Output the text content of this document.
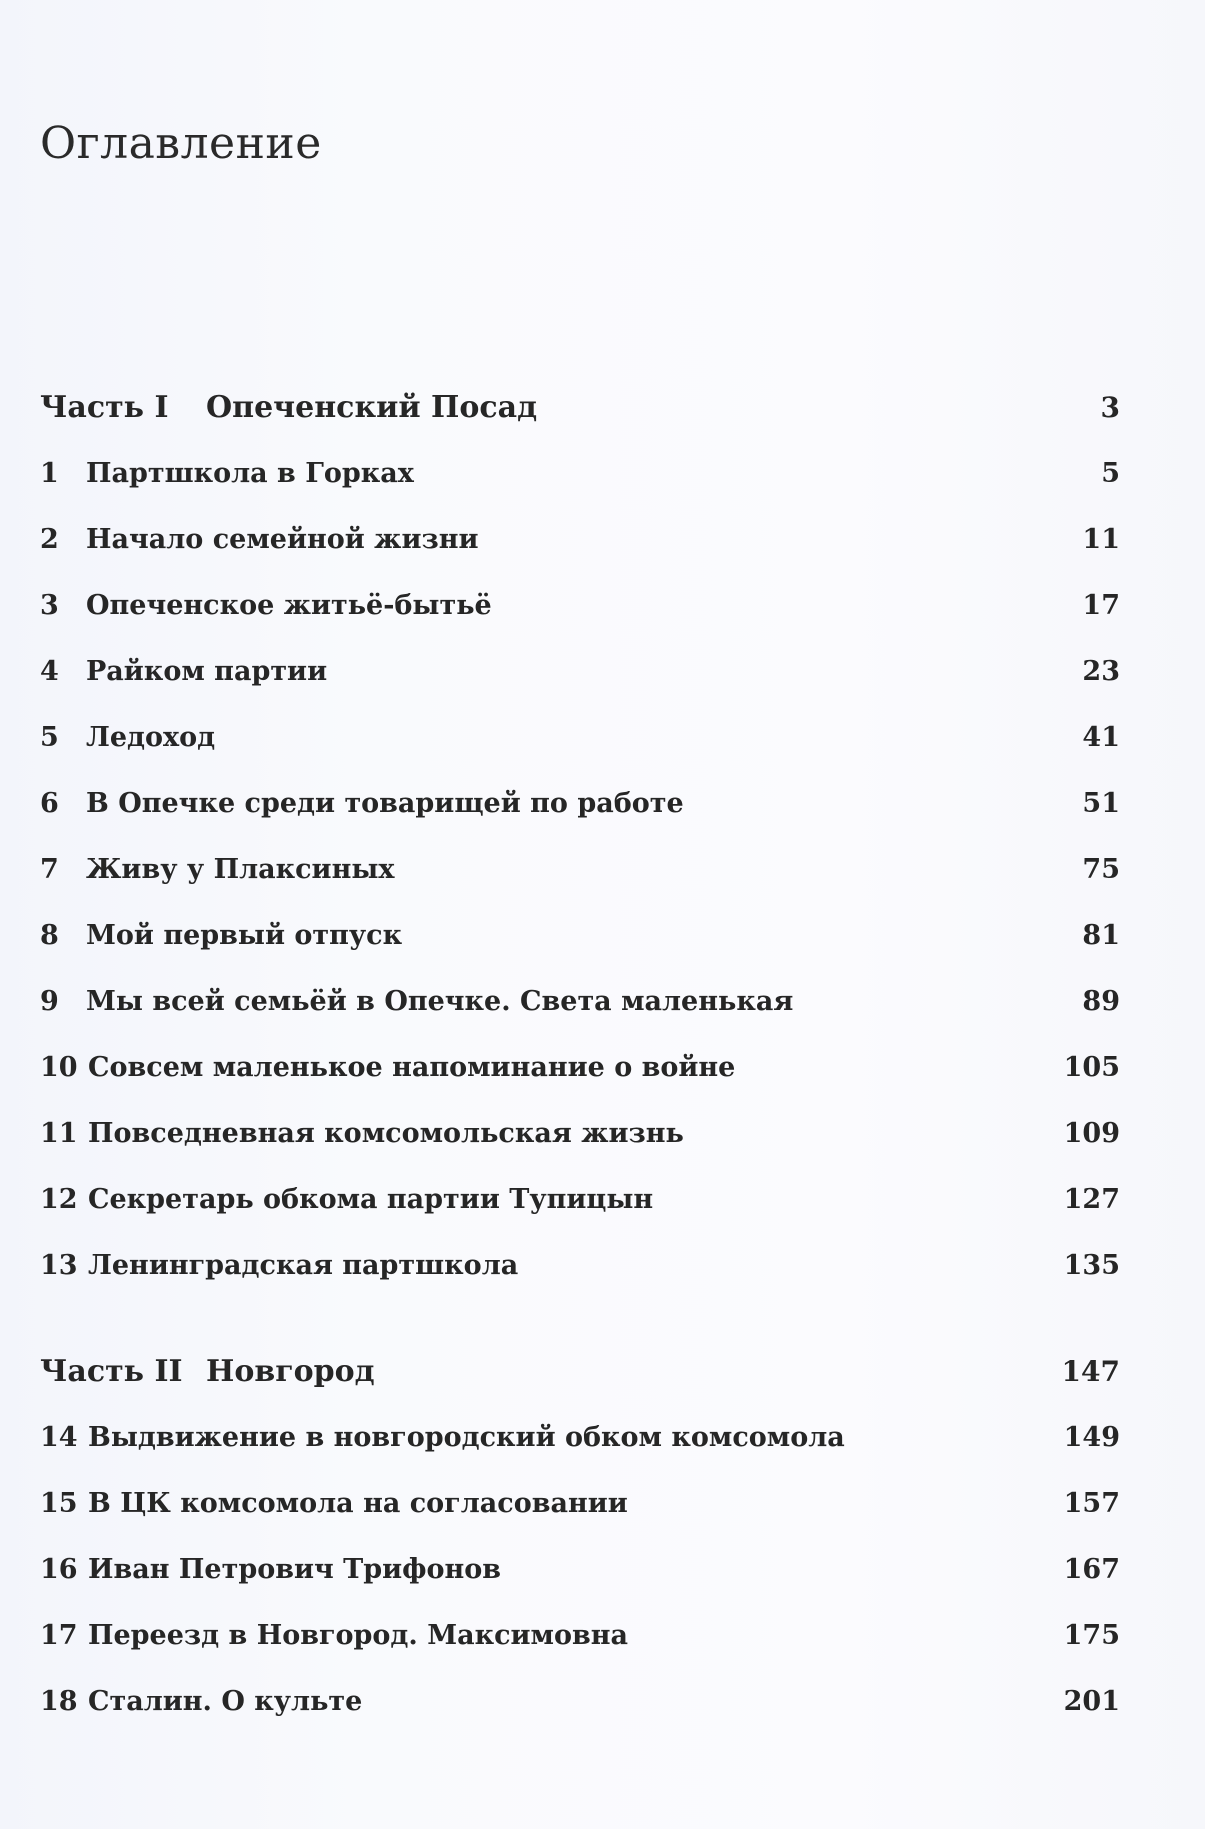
Оглавление
Часть I Опеченский Посад	3
1 Партшкола в Горках	5
2 Начало семейной жизни	11
3 Опеченское житьё-бытьё	17
4 Райком партии	23
5 Ледоход	41
6 В Опечке среди товарищей по работе	51
7 Живу у Плаксиных	75
8 Мой первый отпуск	81
9 Мы всей семьёй в Опечке. Света маленькая	89
10 Совсем маленькое напоминание о войне	105
11 Повседневная комсомольская жизнь	109
12 Секретарь обкома партии Тупицын	127
13 Ленинградская партшкола	135
Часть II Новгород	147
14 Выдвижение в новгородский обком комсомола	149
15 В ЦК комсомола на согласовании	157
16 Иван Петрович Трифонов	167
17 Переезд в Новгород. Максимовна	175
18 Сталин. О культе	201
